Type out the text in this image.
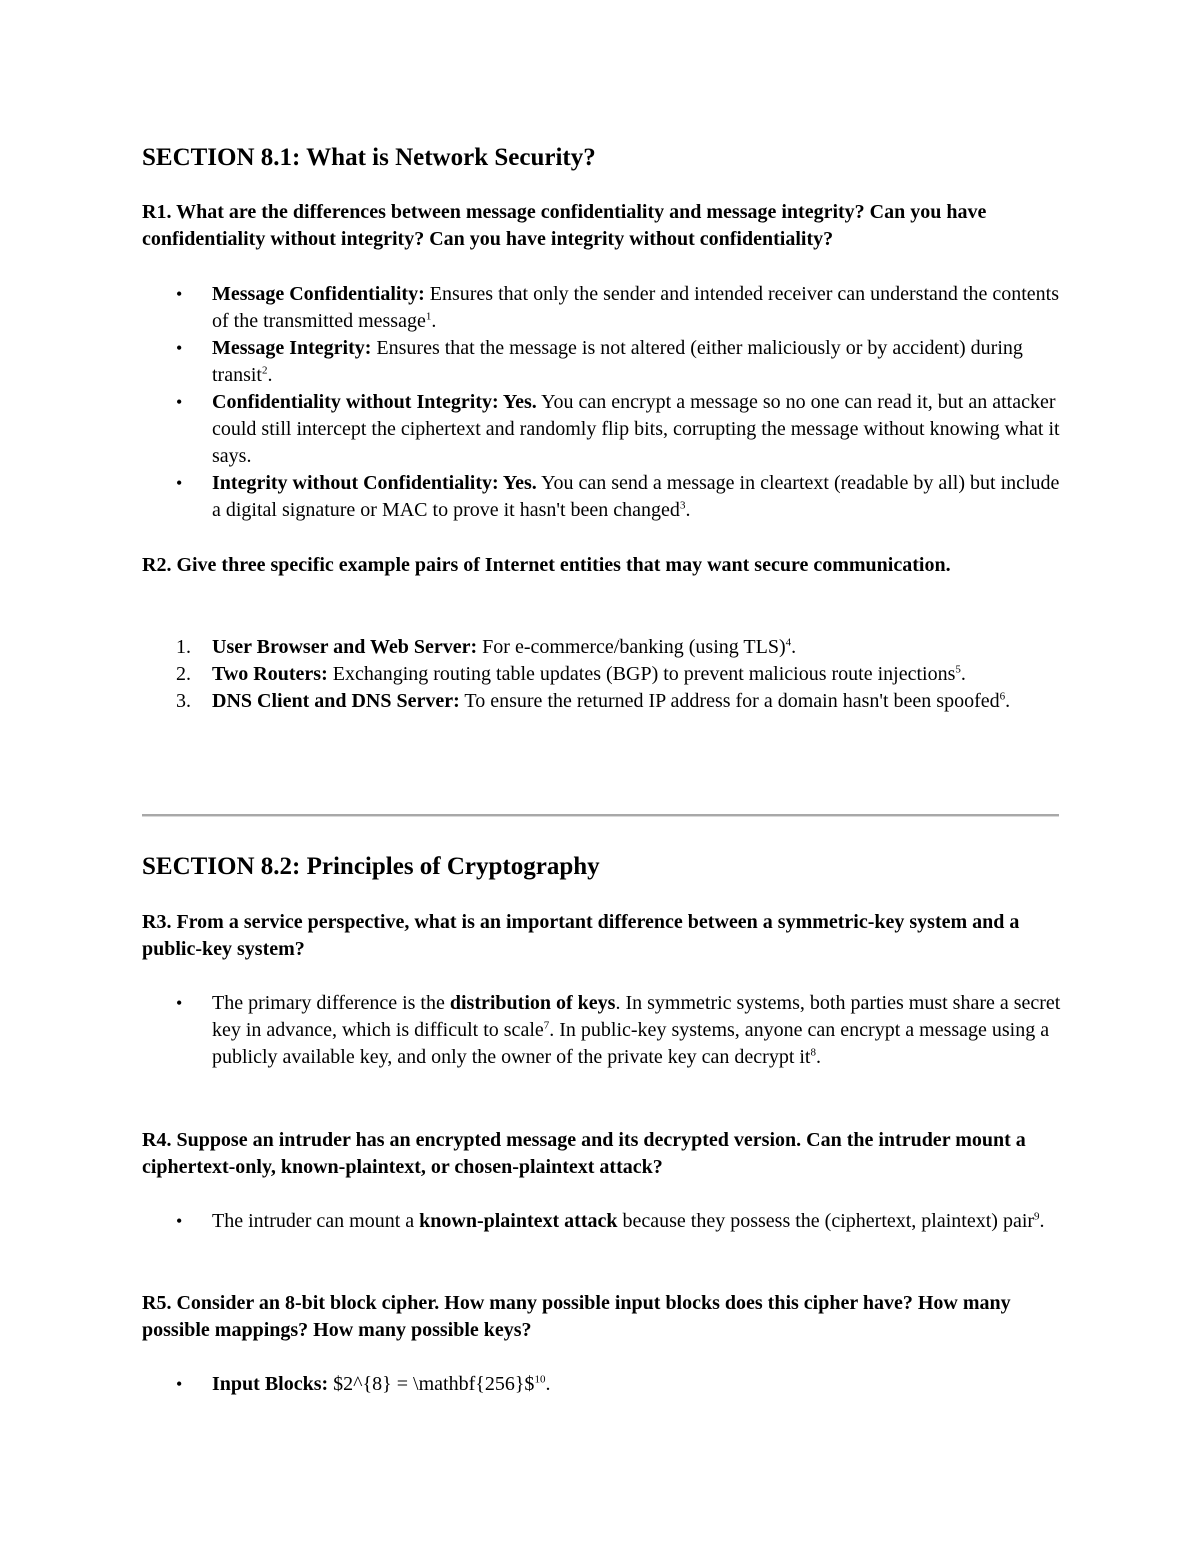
SECTION 8.1: What is Network Security?

R1. What are the differences between message confidentiality and message integrity? Can you have confidentiality without integrity? Can you have integrity without confidentiality?

•	Message Confidentiality: Ensures that only the sender and intended receiver can understand the contents of the transmitted message$^1$.
•	Message Integrity: Ensures that the message is not altered (either maliciously or by accident) during transit$^2$.
•	Confidentiality without Integrity: Yes. You can encrypt a message so no one can read it, but an attacker could still intercept the ciphertext and randomly flip bits, corrupting the message without knowing what it says.
•	Integrity without Confidentiality: Yes. You can send a message in cleartext (readable by all) but include a digital signature or MAC to prove it hasn't been changed$^3$.

R2. Give three specific example pairs of Internet entities that may want secure communication.

1.	User Browser and Web Server: For e-commerce/banking (using TLS)$^4$.
2.	Two Routers: Exchanging routing table updates (BGP) to prevent malicious route injections$^5$.
3.	DNS Client and DNS Server: To ensure the returned IP address for a domain hasn't been spoofed$^6$.
SECTION 8.2: Principles of Cryptography

R3. From a service perspective, what is an important difference between a symmetric-key system and a public-key system?

•	The primary difference is the distribution of keys. In symmetric systems, both parties must share a secret key in advance, which is difficult to scale$^7$. In public-key systems, anyone can encrypt a message using a publicly available key, and only the owner of the private key can decrypt $it^8$.

R4. Suppose an intruder has an encrypted message and its decrypted version. Can the intruder mount a ciphertext-only, known-plaintext, or chosen-plaintext attack?

•	The intruder can mount a known-plaintext attack because they possess the (ciphertext, plaintext) pair$^9$.

R5. Consider an 8-bit block cipher. How many possible input blocks does this cipher have? How many possible mappings? How many possible keys?

•	Input Blocks: $2^{8} = \mathbf{256}\$$^{10}$.
